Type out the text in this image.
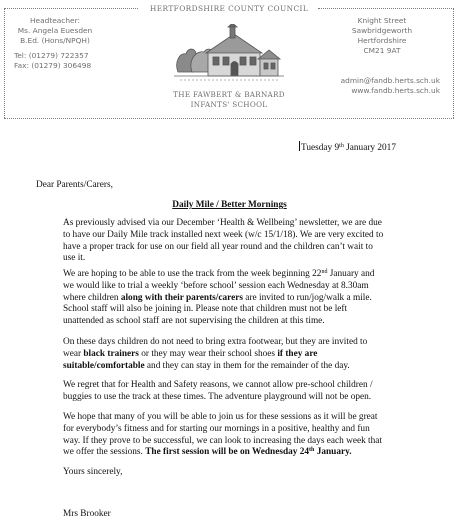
HERTFORDSHIRE COUNTY COUNCIL
Headteacher:
Ms. Angela Euesden
B.Ed. (Hons/NPQH)
Tel: (01279) 722357
Fax: (01279) 306498
THE FAWBERT & BARNARD
INFANTS' SCHOOL
Knight Street
Sawbridgeworth
Hertfordshire
CM21 9AT
admin@fandb.herts.sch.uk
www.fandb.herts.sch.uk
Tuesday 9th January 2017
Dear Parents/Carers,
Daily Mile / Better Mornings
As previously advised via our December ‘Health & Wellbeing’ newsletter, we are due
to have our Daily Mile track installed next week (w/c 15/1/18). We are very excited to
have a proper track for use on our field all year round and the children can’t wait to
use it.
We are hoping to be able to use the track from the week beginning 22nd January and
we would like to trial a weekly ‘before school’ session each Wednesday at 8.30am
where children along with their parents/carers are invited to run/jog/walk a mile.
School staff will also be joining in. Please note that children must not be left
unattended as school staff are not supervising the children at this time.
On these days children do not need to bring extra footwear, but they are invited to
wear black trainers or they may wear their school shoes if they are
suitable/comfortable and they can stay in them for the remainder of the day.
We regret that for Health and Safety reasons, we cannot allow pre-school children /
buggies to use the track at these times. The adventure playground will not be open.
We hope that many of you will be able to join us for these sessions as it will be great
for everybody’s fitness and for starting our mornings in a positive, healthy and fun
way. If they prove to be successful, we can look to increasing the days each week that
we offer the sessions. The first session will be on Wednesday 24th January.
Yours sincerely,
Mrs Brooker
